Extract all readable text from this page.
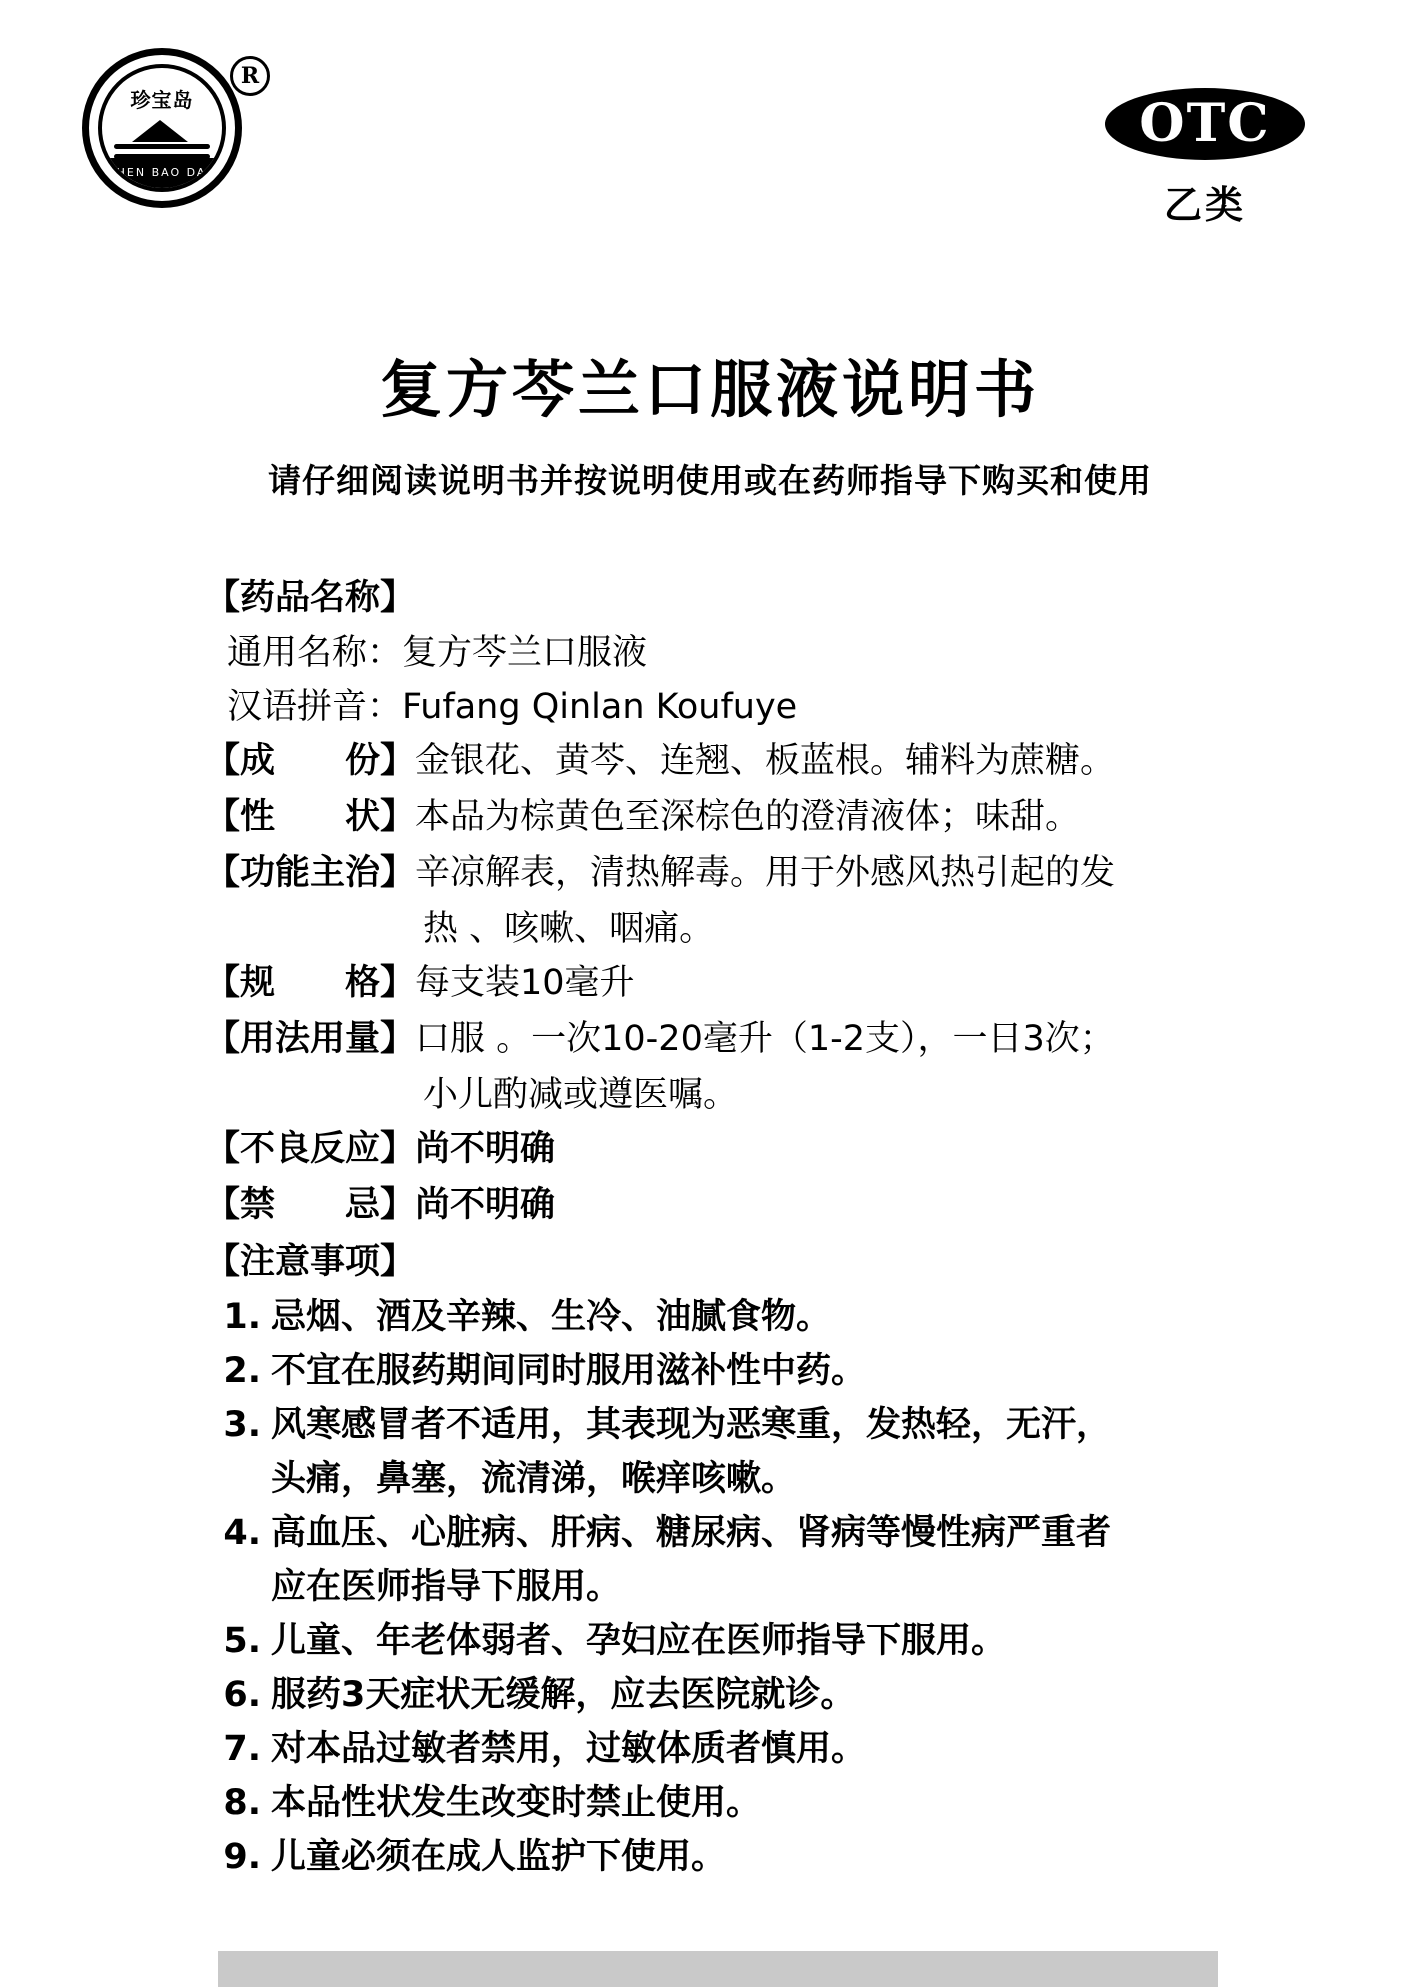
珍宝岛
ZHEN BAO DAO
R
OTC
乙类
复方芩兰口服液说明书
请仔细阅读说明书并按说明使用或在药师指导下购买和使用
【药品名称】
通用名称：复方芩兰口服液
汉语拼音：Fufang Qinlan Koufuye
【成　　份】 金银花、黄芩、连翘、板蓝根。辅料为蔗糖。
【性　　状】 本品为棕黄色至深棕色的澄清液体；味甜。
【功能主治】 辛凉解表，清热解毒。用于外感风热引起的发
热 、咳嗽、咽痛。
【规　　格】 每支装10毫升
【用法用量】 口服 。一次10-20毫升（1-2支），一日3次；
小儿酌减或遵医嘱。
【不良反应】 尚不明确
【禁　　忌】 尚不明确
【注意事项】
1. 忌烟、酒及辛辣、生冷、油腻食物。
2. 不宜在服药期间同时服用滋补性中药。
3. 风寒感冒者不适用，其表现为恶寒重，发热轻，无汗，
头痛，鼻塞，流清涕，喉痒咳嗽。
4. 高血压、心脏病、肝病、糖尿病、肾病等慢性病严重者
应在医师指导下服用。
5. 儿童、年老体弱者、孕妇应在医师指导下服用。
6. 服药3天症状无缓解，应去医院就诊。
7. 对本品过敏者禁用，过敏体质者慎用。
8. 本品性状发生改变时禁止使用。
9. 儿童必须在成人监护下使用。
